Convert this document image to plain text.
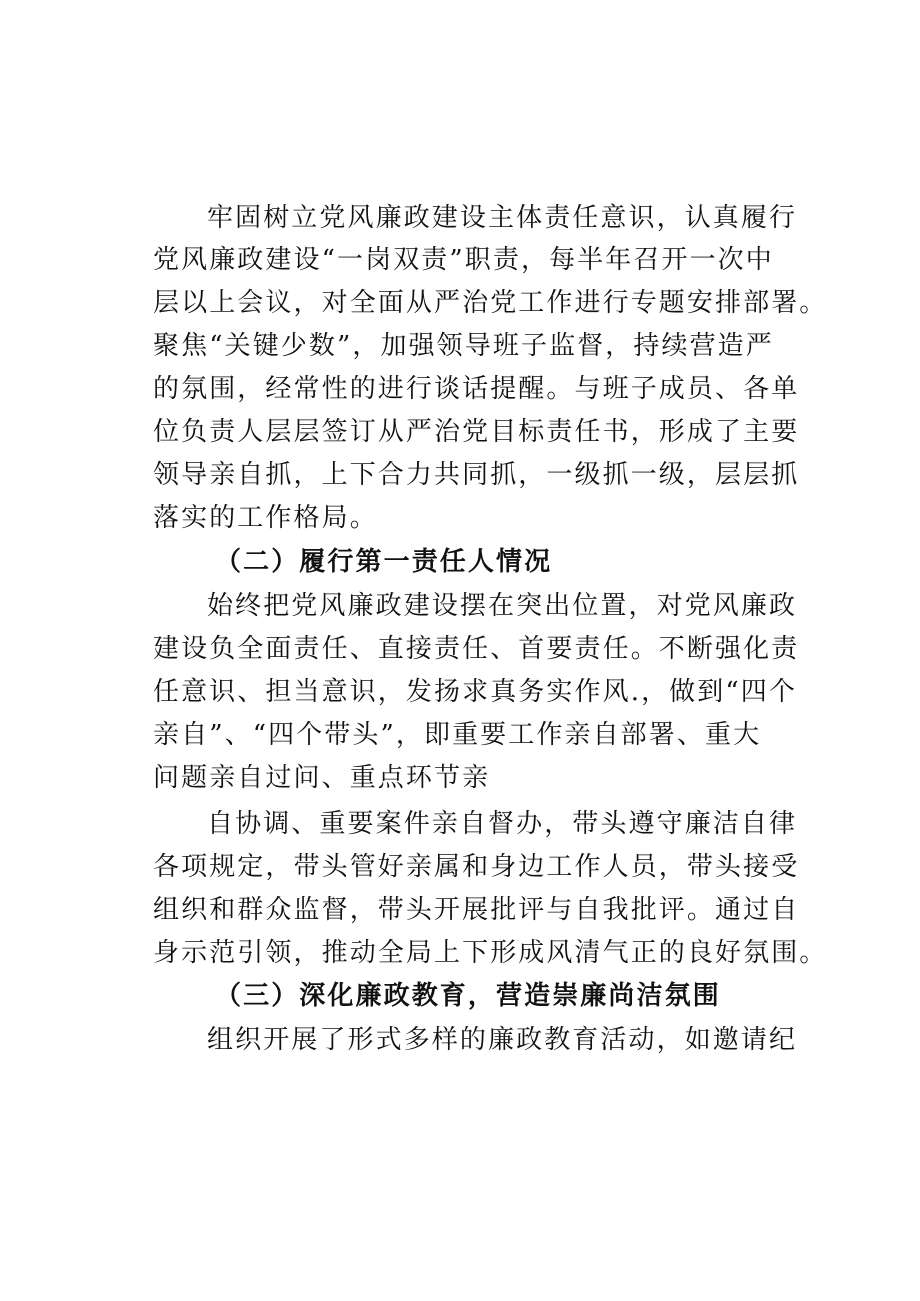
牢固树立党风廉政建设主体责任意识，认真履行
党风廉政建设“一岗双责”职责，每半年召开一次中
层以上会议，对全面从严治党工作进行专题安排部署。
聚焦“关键少数”，加强领导班子监督，持续营造严
的氛围，经常性的进行谈话提醒。与班子成员、各单
位负责人层层签订从严治党目标责任书，形成了主要
领导亲自抓，上下合力共同抓，一级抓一级，层层抓
落实的工作格局。
（二）履行第一责任人情况
始终把党风廉政建设摆在突出位置，对党风廉政
建设负全面责任、直接责任、首要责任。不断强化责
任意识、担当意识，发扬求真务实作风.，做到“四个
亲自”、“四个带头”，即重要工作亲自部署、重大
问题亲自过问、重点环节亲
自协调、重要案件亲自督办，带头遵守廉洁自律
各项规定，带头管好亲属和身边工作人员，带头接受
组织和群众监督，带头开展批评与自我批评。通过自
身示范引领，推动全局上下形成风清气正的良好氛围。
（三）深化廉政教育，营造崇廉尚洁氛围
组织开展了形式多样的廉政教育活动，如邀请纪
